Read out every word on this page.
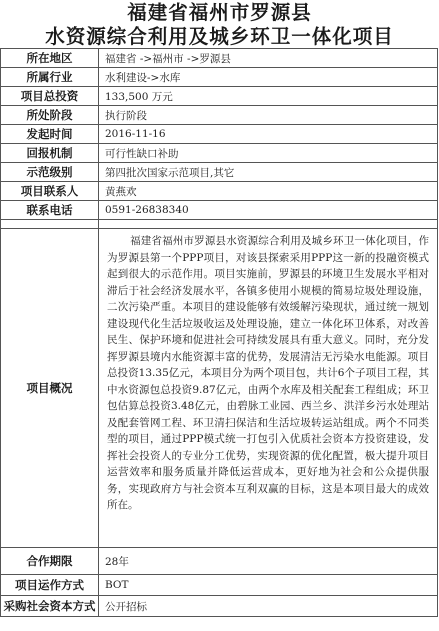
福建省福州市罗源县
水资源综合利用及城乡环卫一体化项目
所在地区	福建省 ->福州市 ->罗源县
所属行业	水利建设->水库
项目总投资	133,500 万元
所处阶段	执行阶段
发起时间	2016-11-16
回报机制	可行性缺口补助
示范级别	第四批次国家示范项目,其它
项目联系人	黄燕欢
联系电话	0591-26838340

项目概况	福建省福州市罗源县水资源综合利用及城乡环卫一体化项目，作为罗源县第一个PPP项目，对该县探索采用PPP这一新的投融资模式起到很大的示范作用。项目实施前，罗源县的环境卫生发展水平相对滞后于社会经济发展水平，各镇多使用小规模的简易垃圾处理设施，二次污染严重。本项目的建设能够有效缓解污染现状，通过统一规划建设现代化生活垃圾收运及处理设施，建立一体化环卫体系，对改善民生、保护环境和促进社会可持续发展具有重大意义。同时，充分发挥罗源县境内水能资源丰富的优势，发展清洁无污染水电能源。项目总投资13.35亿元，本项目分为两个项目包，共计6个子项目工程，其中水资源包总投资9.87亿元，由两个水库及相关配套工程组成；环卫包估算总投资3.48亿元，由碧脉工业园、西兰乡、洪洋乡污水处理站及配套管网工程、环卫清扫保洁和生活垃圾转运站组成。两个不同类型的项目，通过PPP模式统一打包引入优质社会资本方投资建设，发挥社会投资人的专业分工优势，实现资源的优化配置，极大提升项目运营效率和服务质量并降低运营成本，更好地为社会和公众提供服务，实现政府方与社会资本互利双赢的目标，这是本项目最大的成效所在。

合作期限	28年
项目运作方式	BOT
采购社会资本方式	公开招标
